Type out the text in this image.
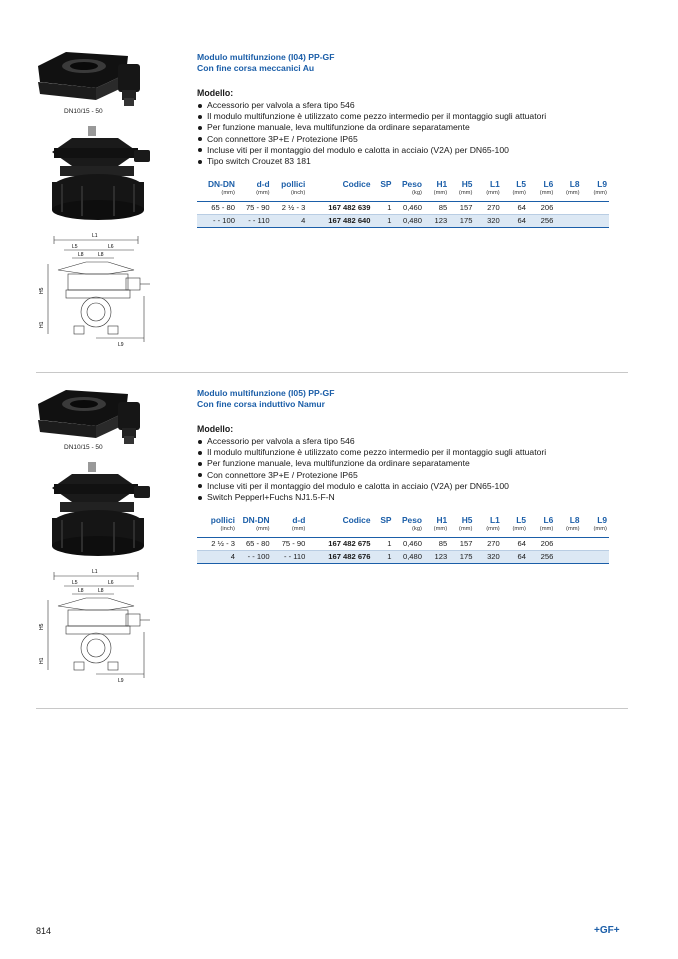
DN10/15 - 50
L1
L5	L6
L8	L8
H5
H1
L9
Modulo multifunzione (I04) PP-GF
Con fine corsa meccanici Au
Modello:
Accessorio per valvola a sfera tipo 546
Il modulo multifunzione è utilizzato come pezzo intermedio per il montaggio sugli attuatori
Per funzione manuale, leva multifunzione da ordinare separatamente
Con connettore 3P+E / Protezione IP65
Incluse viti per il montaggio del modulo e calotta in acciaio (V2A) per DN65-100
Tipo switch Crouzet 83 181
DN-DN	d-d	pollici	Codice	SP	Peso	H1	H5	L1	L5	L6	L8	L9
(mm)	(mm)	(inch)			(kg)	(mm)	(mm)	(mm)	(mm)	(mm)	(mm)	(mm)
65 - 80	75 - 90	2 ½ - 3	167 482 639	1	0,460	85	157	270	64	206		
- - 100	- - 110	4	167 482 640	1	0,480	123	175	320	64	256		
DN10/15 - 50
L1
L5	L6
L8	L8
H5
H1
L9
Modulo multifunzione (I05) PP-GF
Con fine corsa induttivo Namur
Modello:
Accessorio per valvola a sfera tipo 546
Il modulo multifunzione è utilizzato come pezzo intermedio per il montaggio sugli attuatori
Per funzione manuale, leva multifunzione da ordinare separatamente
Con connettore 3P+E / Protezione IP65
Incluse viti per il montaggio del modulo e calotta in acciaio (V2A) per DN65-100
Switch Pepperl+Fuchs NJ1.5-F-N
pollici	DN-DN	d-d	Codice	SP	Peso	H1	H5	L1	L5	L6	L8	L9
(inch)	(mm)	(mm)			(kg)	(mm)	(mm)	(mm)	(mm)	(mm)	(mm)	(mm)
2 ½ - 3	65 - 80	75 - 90	167 482 675	1	0,460	85	157	270	64	206		
4	- - 100	- - 110	167 482 676	1	0,480	123	175	320	64	256		
814	+GF+
